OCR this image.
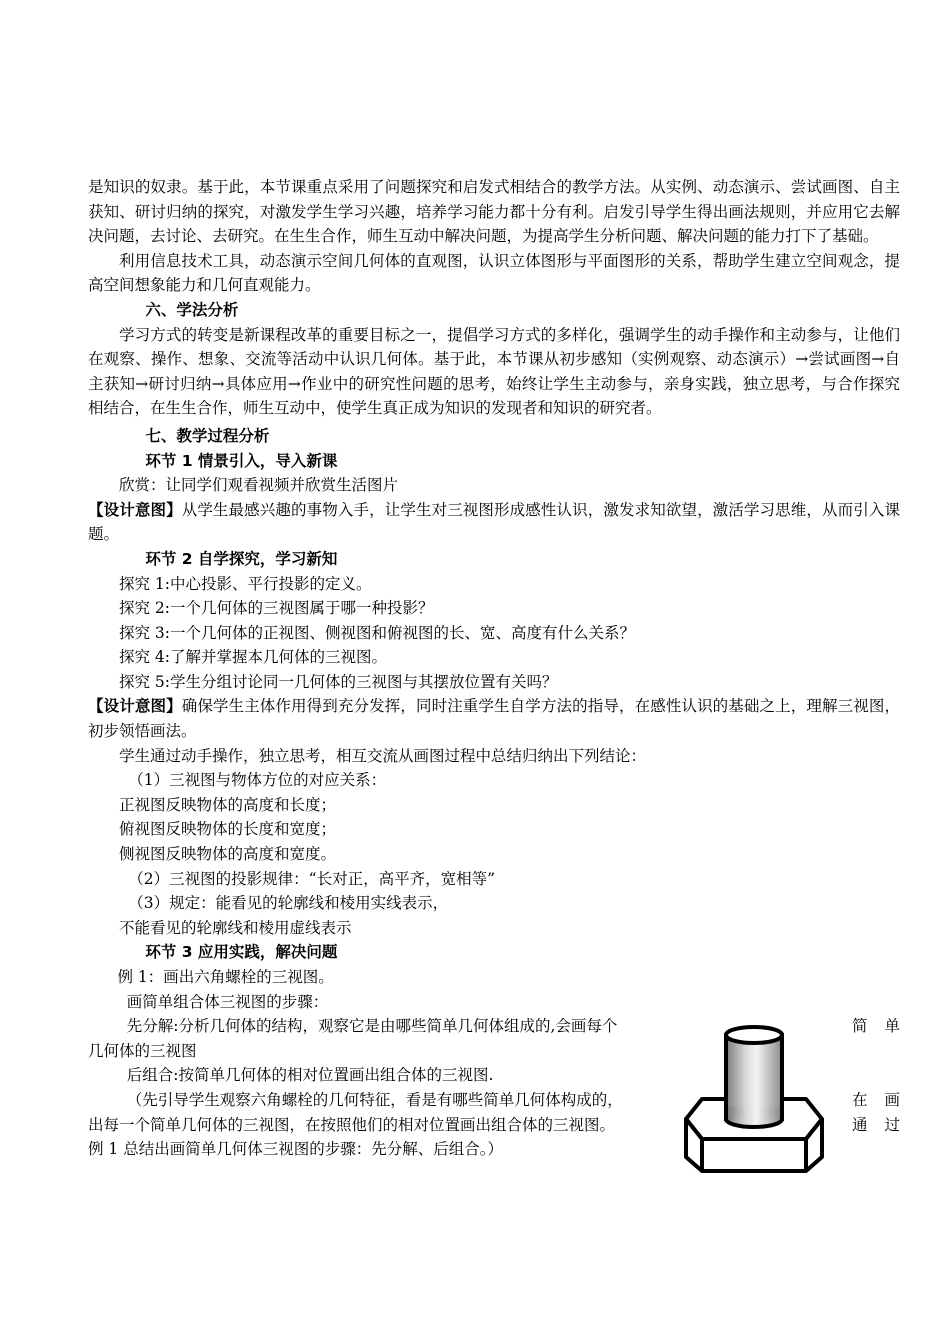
是知识的奴隶。基于此，本节课重点采用了问题探究和启发式相结合的教学方法。从实例、动态演示、尝试画图、自主获知、研讨归纳的探究，对激发学生学习兴趣，培养学习能力都十分有利。启发引导学生得出画法规则，并应用它去解决问题，去讨论、去研究。在生生合作，师生互动中解决问题，为提高学生分析问题、解决问题的能力打下了基础。

利用信息技术工具，动态演示空间几何体的直观图，认识立体图形与平面图形的关系，帮助学生建立空间观念，提高空间想象能力和几何直观能力。

六、学法分析

学习方式的转变是新课程改革的重要目标之一，提倡学习方式的多样化，强调学生的动手操作和主动参与，让他们在观察、操作、想象、交流等活动中认识几何体。基于此，本节课从初步感知（实例观察、动态演示）→尝试画图→自主获知→研讨归纳→具体应用→作业中的研究性问题的思考，始终让学生主动参与，亲身实践，独立思考，与合作探究相结合，在生生合作，师生互动中，使学生真正成为知识的发现者和知识的研究者。

七、教学过程分析

环节 1 情景引入，导入新课

欣赏：让同学们观看视频并欣赏生活图片

【设计意图】从学生最感兴趣的事物入手，让学生对三视图形成感性认识，激发求知欲望，激活学习思维，从而引入课题。

环节 2 自学探究，学习新知

探究 1:中心投影、平行投影的定义。

探究 2:一个几何体的三视图属于哪一种投影？

探究 3:一个几何体的正视图、侧视图和俯视图的长、宽、高度有什么关系？

探究 4:了解并掌握本几何体的三视图。

探究 5:学生分组讨论同一几何体的三视图与其摆放位置有关吗？

【设计意图】确保学生主体作用得到充分发挥，同时注重学生自学方法的指导，在感性认识的基础之上，理解三视图，初步领悟画法。

学生通过动手操作，独立思考，相互交流从画图过程中总结归纳出下列结论：

（1）三视图与物体方位的对应关系：

正视图反映物体的高度和长度；

俯视图反映物体的长度和宽度；

侧视图反映物体的高度和宽度。

（2）三视图的投影规律：“长对正，高平齐，宽相等”

（3）规定：能看见的轮廓线和棱用实线表示，

不能看见的轮廓线和棱用虚线表示

环节 3 应用实践，解决问题

例 1：画出六角螺栓的三视图。

画简单组合体三视图的步骤：

先分解:分析几何体的结构，观察它是由哪些简单几何体组成的,会画每个	简 单

几何体的三视图

后组合:按简单几何体的相对位置画出组合体的三视图.

（先引导学生观察六角螺栓的几何特征，看是有哪些简单几何体构成的，	在 画

出每一个简单几何体的三视图，在按照他们的相对位置画出组合体的三视图。	通 过

例 1 总结出画简单几何体三视图的步骤：先分解、后组合。）
